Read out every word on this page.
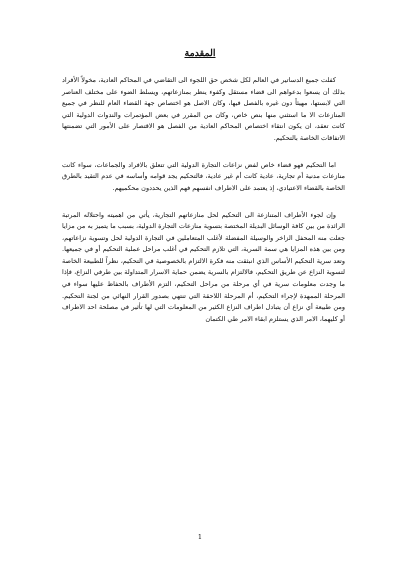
المقدمة

كفلت جميع الدساتير في العالم لكل شخص حق اللجوء الى التقاضي في المحاكم العادية، مخولاً الأفراد بذلك أن يسعوا بدعواهم الى قضاء مستقل وكفوء ينظر بمنازعاتهم، ويسلط الضوء على مختلف العناصر التي لابستها، مهيئاً دون غيره بالفصل فيها، وكان الاصل هو اختصاص جهة القضاء العام للنظر في جميع المنازعات الا ما استثني منها بنص خاص، وكان من المقرر في بعض المؤتمرات والندوات الدولية التي كانت تعقد، ان يكون انتقاء اختصاص المحاكم العادية من الفصل هو الاقتصار على الأمور التي تضمنتها الاتفاقات الخاصة بالتحكيم.

اما التحكيم فهو قضاء خاص لفض نزاعات التجارة الدولية التي تتعلق بالافراد والجماعات، سواء كانت منازعات مدنية أم تجارية، عادية كانت أم غير عادية، فالتحكيم يجد قوامه وأساسه في عدم التقيد بالطرق الخاصة بالقضاء الاعتيادي، إذ يعتمد على الاطراف انفسهم فهم الذين يحددون محكميهم.

وإن لجوء الأطراف المتنازعة الى التحكيم لحل منازعاتهم التجارية، يأتي من اهميته واحتلاله المرتبة الرائدة من بين كافة الوسائل البديلة المختصة بتسوية منازعات التجارة الدولية، بسبب ما يتميز به من مزايا جعلت منه المحفل الزاخر والوسيلة المفضلة لأغلب المتعاملين في التجارة الدولية لحل وتسوية نزاعاتهم، ومن بين هذه المزايا هي سمة السرية، التي تلازم التحكيم في أغلب مراحل عملية التحكيم أو في جميعها. وتعد سرية التحكيم الأساس الذي انبثقت منه فكرة الالتزام بالخصوصية في التحكيم، نظراً للطبيعة الخاصة لتسوية النزاع عن طريق التحكيم، فالالتزام بالسرية يضمن حماية الاسرار المتداولة بين طرفي النزاع، فإذا ما وجدت معلومات سرية في أي مرحلة من مراحل التحكيم، التزم الأطراف بالحفاظ عليها سواء في المرحلة الممهدة لإجراء التحكيم، أم المرحلة اللاحقة التي تنتهي بصدور القرار النهائي من لجنة التحكيم. ومن طبيعة أي نزاع أن يتبادل اطراف النزاع الكثير من المعلومات التي لها تأثير في مصلحة احد الاطراف أو كليهما، الامر الذي يستلزم ابقاء الامر طي الكتمان

1
